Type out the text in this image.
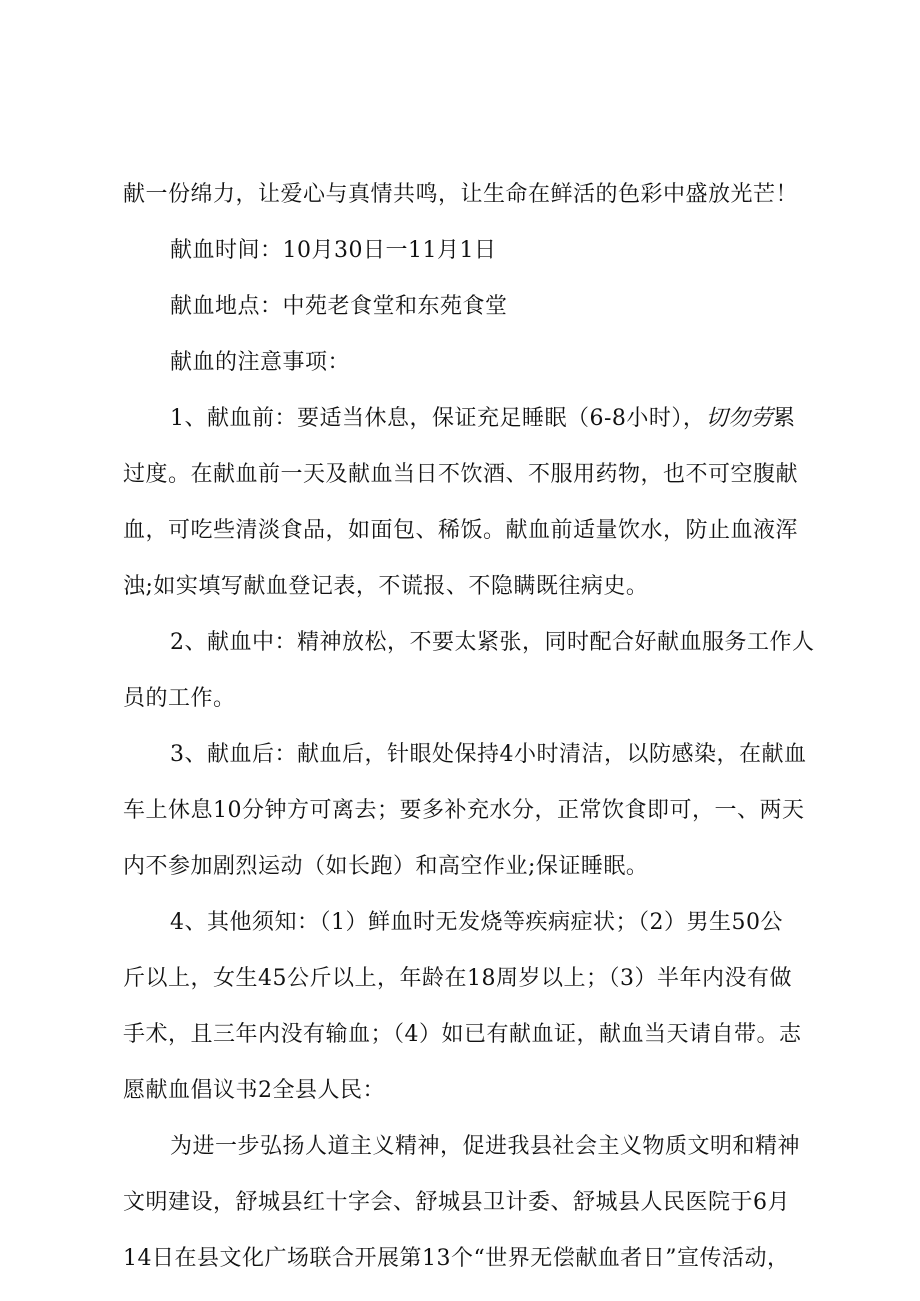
献一份绵力，让爱心与真情共鸣，让生命在鲜活的色彩中盛放光芒！

献血时间：10月30日一11月1日

献血地点：中苑老食堂和东苑食堂

献血的注意事项：

1、献血前：要适当休息，保证充足睡眠（6-8小时），切勿劳累

过度。在献血前一天及献血当日不饮酒、不服用药物，也不可空腹献

血，可吃些清淡食品，如面包、稀饭。献血前适量饮水，防止血液浑

浊;如实填写献血登记表，不谎报、不隐瞒既往病史。

2、献血中：精神放松，不要太紧张，同时配合好献血服务工作人

员的工作。

3、献血后：献血后，针眼处保持4小时清洁，以防感染，在献血

车上休息10分钟方可离去；要多补充水分，正常饮食即可，一、两天

内不参加剧烈运动（如长跑）和高空作业;保证睡眠。

4、其他须知：（1）鲜血时无发烧等疾病症状；（2）男生50公

斤以上，女生45公斤以上，年龄在18周岁以上；（3）半年内没有做

手术，且三年内没有输血；（4）如已有献血证，献血当天请自带。志

愿献血倡议书2全县人民：

为进一步弘扬人道主义精神，促进我县社会主义物质文明和精神

文明建设，舒城县红十字会、舒城县卫计委、舒城县人民医院于6月

14日在县文化广场联合开展第13个“世界无偿献血者日”宣传活动，
